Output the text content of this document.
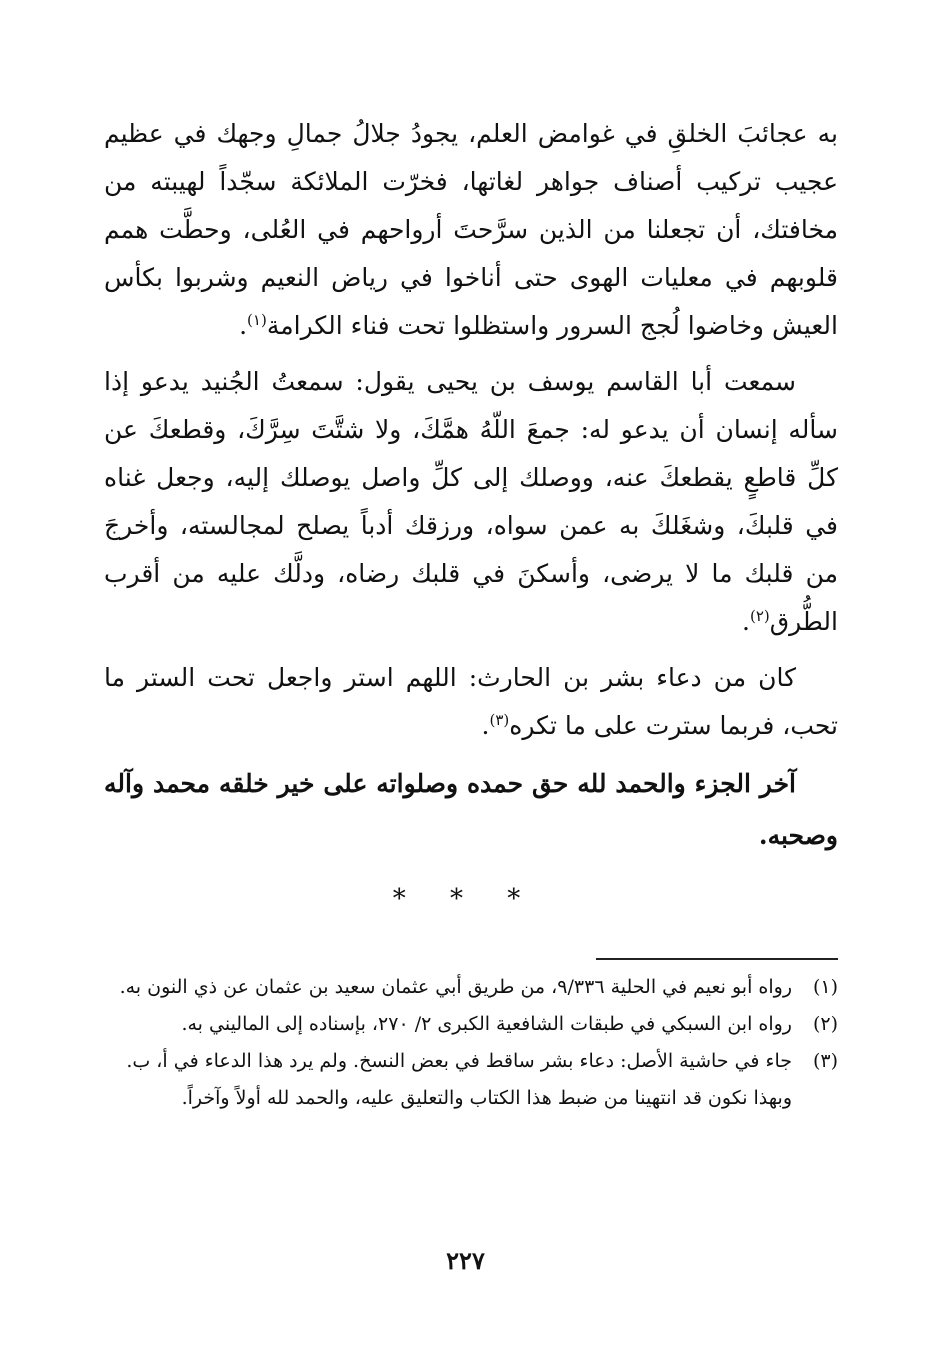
به عجائبَ الخلقِ في غوامض العلم، يجودُ جلالُ جمالِ وجهك في عظيم عجيب تركيب أصناف جواهر لغاتها، فخرّت الملائكة سجّداً لهيبته من مخافتك، أن تجعلنا من الذين سرَّحتَ أرواحهم في العُلى، وحطَّت همم قلوبهم في معليات الهوى حتى أناخوا في رياض النعيم وشربوا بكأس العيش وخاضوا لُجج السرور واستظلوا تحت فناء الكرامة$^{(١)}$.

سمعت أبا القاسم يوسف بن يحيى يقول: سمعتُ الجُنيد يدعو إذا سأله إنسان أن يدعو له: جمعَ اللّهُ همَّكَ، ولا شتَّتَ سِرَّكَ، وقطعكَ عن كلِّ قاطعٍ يقطعكَ عنه، ووصلك إلى كلِّ واصل يوصلك إليه، وجعل غناه في قلبكَ، وشغَلكَ به عمن سواه، ورزقك أدباً يصلح لمجالسته، وأخرجَ من قلبك ما لا يرضى، وأسكنَ في قلبك رضاه، ودلَّك عليه من أقرب الطُّرق$^{(٢)}$.

كان من دعاء بشر بن الحارث: اللهم استر واجعل تحت الستر ما تحب، فربما سترت على ما تكره$^{(٣)}$.

آخر الجزء والحمد لله حق حمده وصلواته على خير خلقه محمد وآله وصحبه.

* * *
(١)
رواه أبو نعيم في الحلية ٩/٣٣٦، من طريق أبي عثمان سعيد بن عثمان عن ذي النون به.
(٢)
رواه ابن السبكي في طبقات الشافعية الكبرى ٢/ ٢٧٠، بإسناده إلى الماليني به.
(٣)
جاء في حاشية الأصل: دعاء بشر ساقط في بعض النسخ. ولم يرد هذا الدعاء في أ، ب.
وبهذا نكون قد انتهينا من ضبط هذا الكتاب والتعليق عليه، والحمد لله أولاً وآخراً.
٢٢٧
